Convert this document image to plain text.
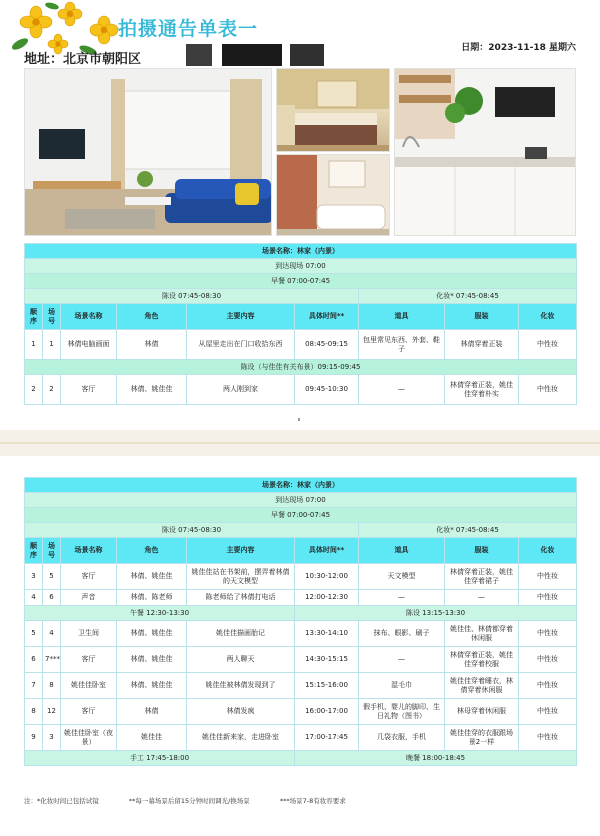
拍摄通告单表一
地址：北京市朝阳区
日期：2023-11-18 星期六
场景名称：林家（内景）								
到达现场 07:00								
早餐 07:00-07:45								
陈设 07:45-08:30						化妆* 07:45-08:45		
顺序	场号	场景名称	角色	主要内容	具体时间**	道具	服装	化妆
1	1	林倩电脑画面	林倩	从屋里走出在门口收拾东西	08:45-09:15	包里常见东西、外套、鞋子	林倩穿着正装	中性妆
陈设（与佳佳有关布景）09:15-09:45								
2	2	客厅	林倩、姚佳佳	两人刚到家	09:45-10:30	—	林倩穿着正装，姚佳佳穿着朴实	中性妆
场景名称：林家（内景）								
到达现场 07:00								
早餐 07:00-07:45								
陈设 07:45-08:30						化妆* 07:45-08:45		
顺序	场号	场景名称	角色	主要内容	具体时间**	道具	服装	化妆
3	5	客厅	林倩、姚佳佳	姚佳佳站在书架前，摆弄着林倩的天文模型	10:30-12:00	天文模型	林倩穿着正装，姚佳佳穿着裙子	中性妆
4	6	声音	林倩、陈老师	陈老师给了林倩打电话	12:00-12:30	—	—	中性妆
午餐 12:30-13:30					陈设 13:15-13:30			
5	4	卫生间	林倩、姚佳佳	姚佳佳描画胎记	13:30-14:10	抹布、眼影、刷子	姚佳佳、林倩都穿着休闲服	中性妆
6	7***	客厅	林倩、姚佳佳	两人聊天	14:30-15:15	—	林倩穿着正装，姚佳佳穿着校服	中性妆
7	8	姚佳佳卧室	林倩、姚佳佳	姚佳佳被林倩发现到了	15:15-16:00	湿毛巾	姚佳佳穿着睡衣，林倩穿着休闲服	中性妆
8	12	客厅	林倩	林倩发疯	16:00-17:00	假手机、婴儿的脚印、生日礼物（图书）	林母穿着休闲服	中性妆
9	3	姚佳佳卧室（夜景）	姚佳佳	姚佳佳新来家，走进卧室	17:00-17:45	几袋衣服，手机	姚佳佳穿的衣服跟场景2一样	中性妆
手工 17:45-18:00					晚餐 18:00-18:45			
注：*化妆时间已包括试镜	**每一幕场景后留15分钟时间调光/换场景	***场景7-8有妆容要求
